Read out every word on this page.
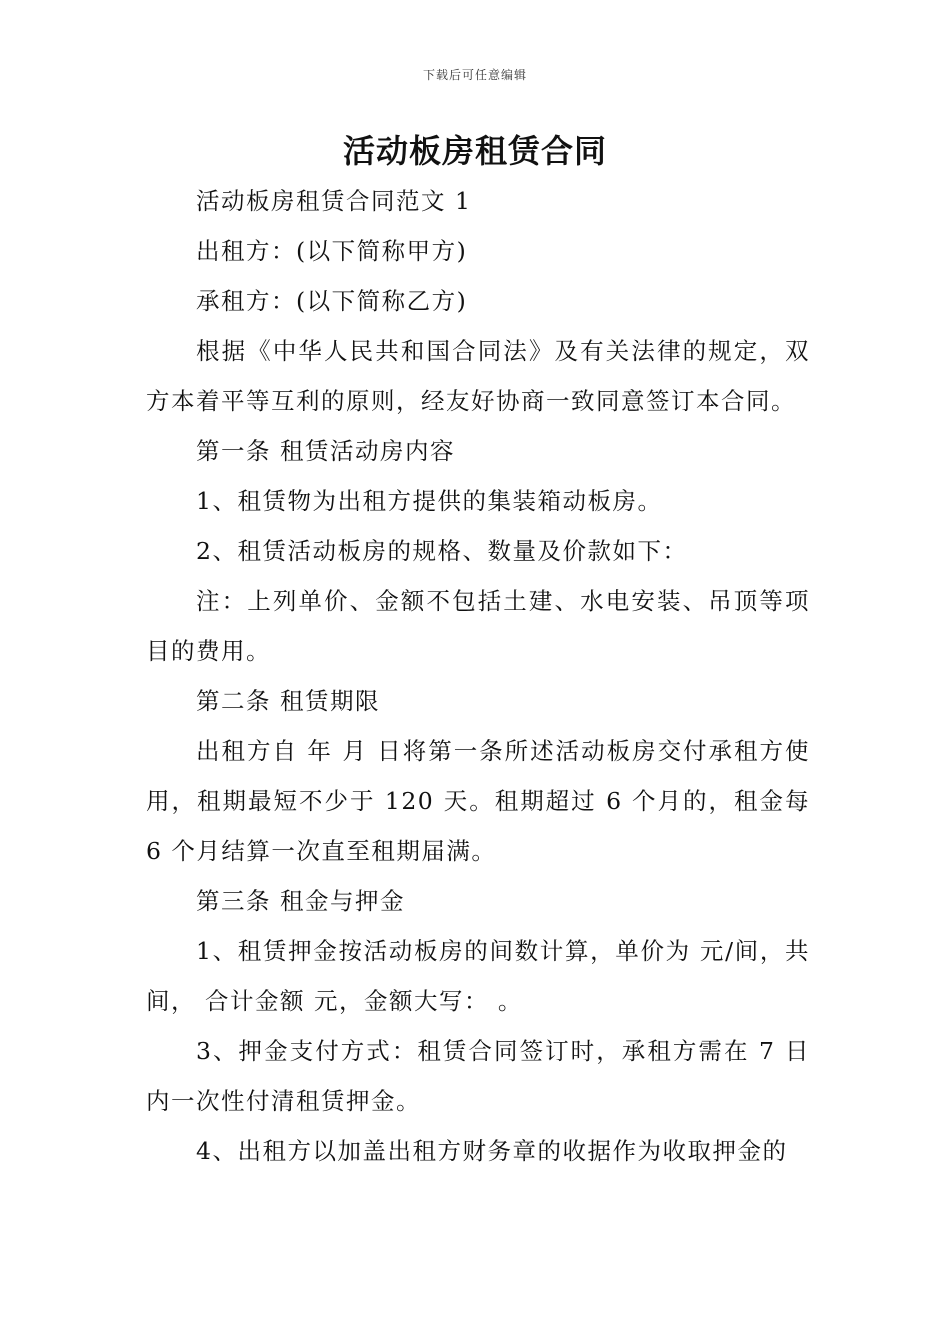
下载后可任意编辑
活动板房租赁合同

活动板房租赁合同范文 1

出租方：(以下简称甲方)

承租方：(以下简称乙方)

根据《中华人民共和国合同法》及有关法律的规定，双方本着平等互利的原则，经友好协商一致同意签订本合同。

第一条 租赁活动房内容

1、租赁物为出租方提供的集装箱动板房。

2、租赁活动板房的规格、数量及价款如下：

注：上列单价、金额不包括土建、水电安装、吊顶等项目的费用。

第二条 租赁期限

出租方自 年 月 日将第一条所述活动板房交付承租方使用，租期最短不少于 120 天。租期超过 6 个月的，租金每 6 个月结算一次直至租期届满。

第三条 租金与押金

1、租赁押金按活动板房的间数计算，单价为 元/间，共 间， 合计金额 元，金额大写： 。

3、押金支付方式：租赁合同签订时，承租方需在 7 日内一次性付清租赁押金。

4、出租方以加盖出租方财务章的收据作为收取押金的
